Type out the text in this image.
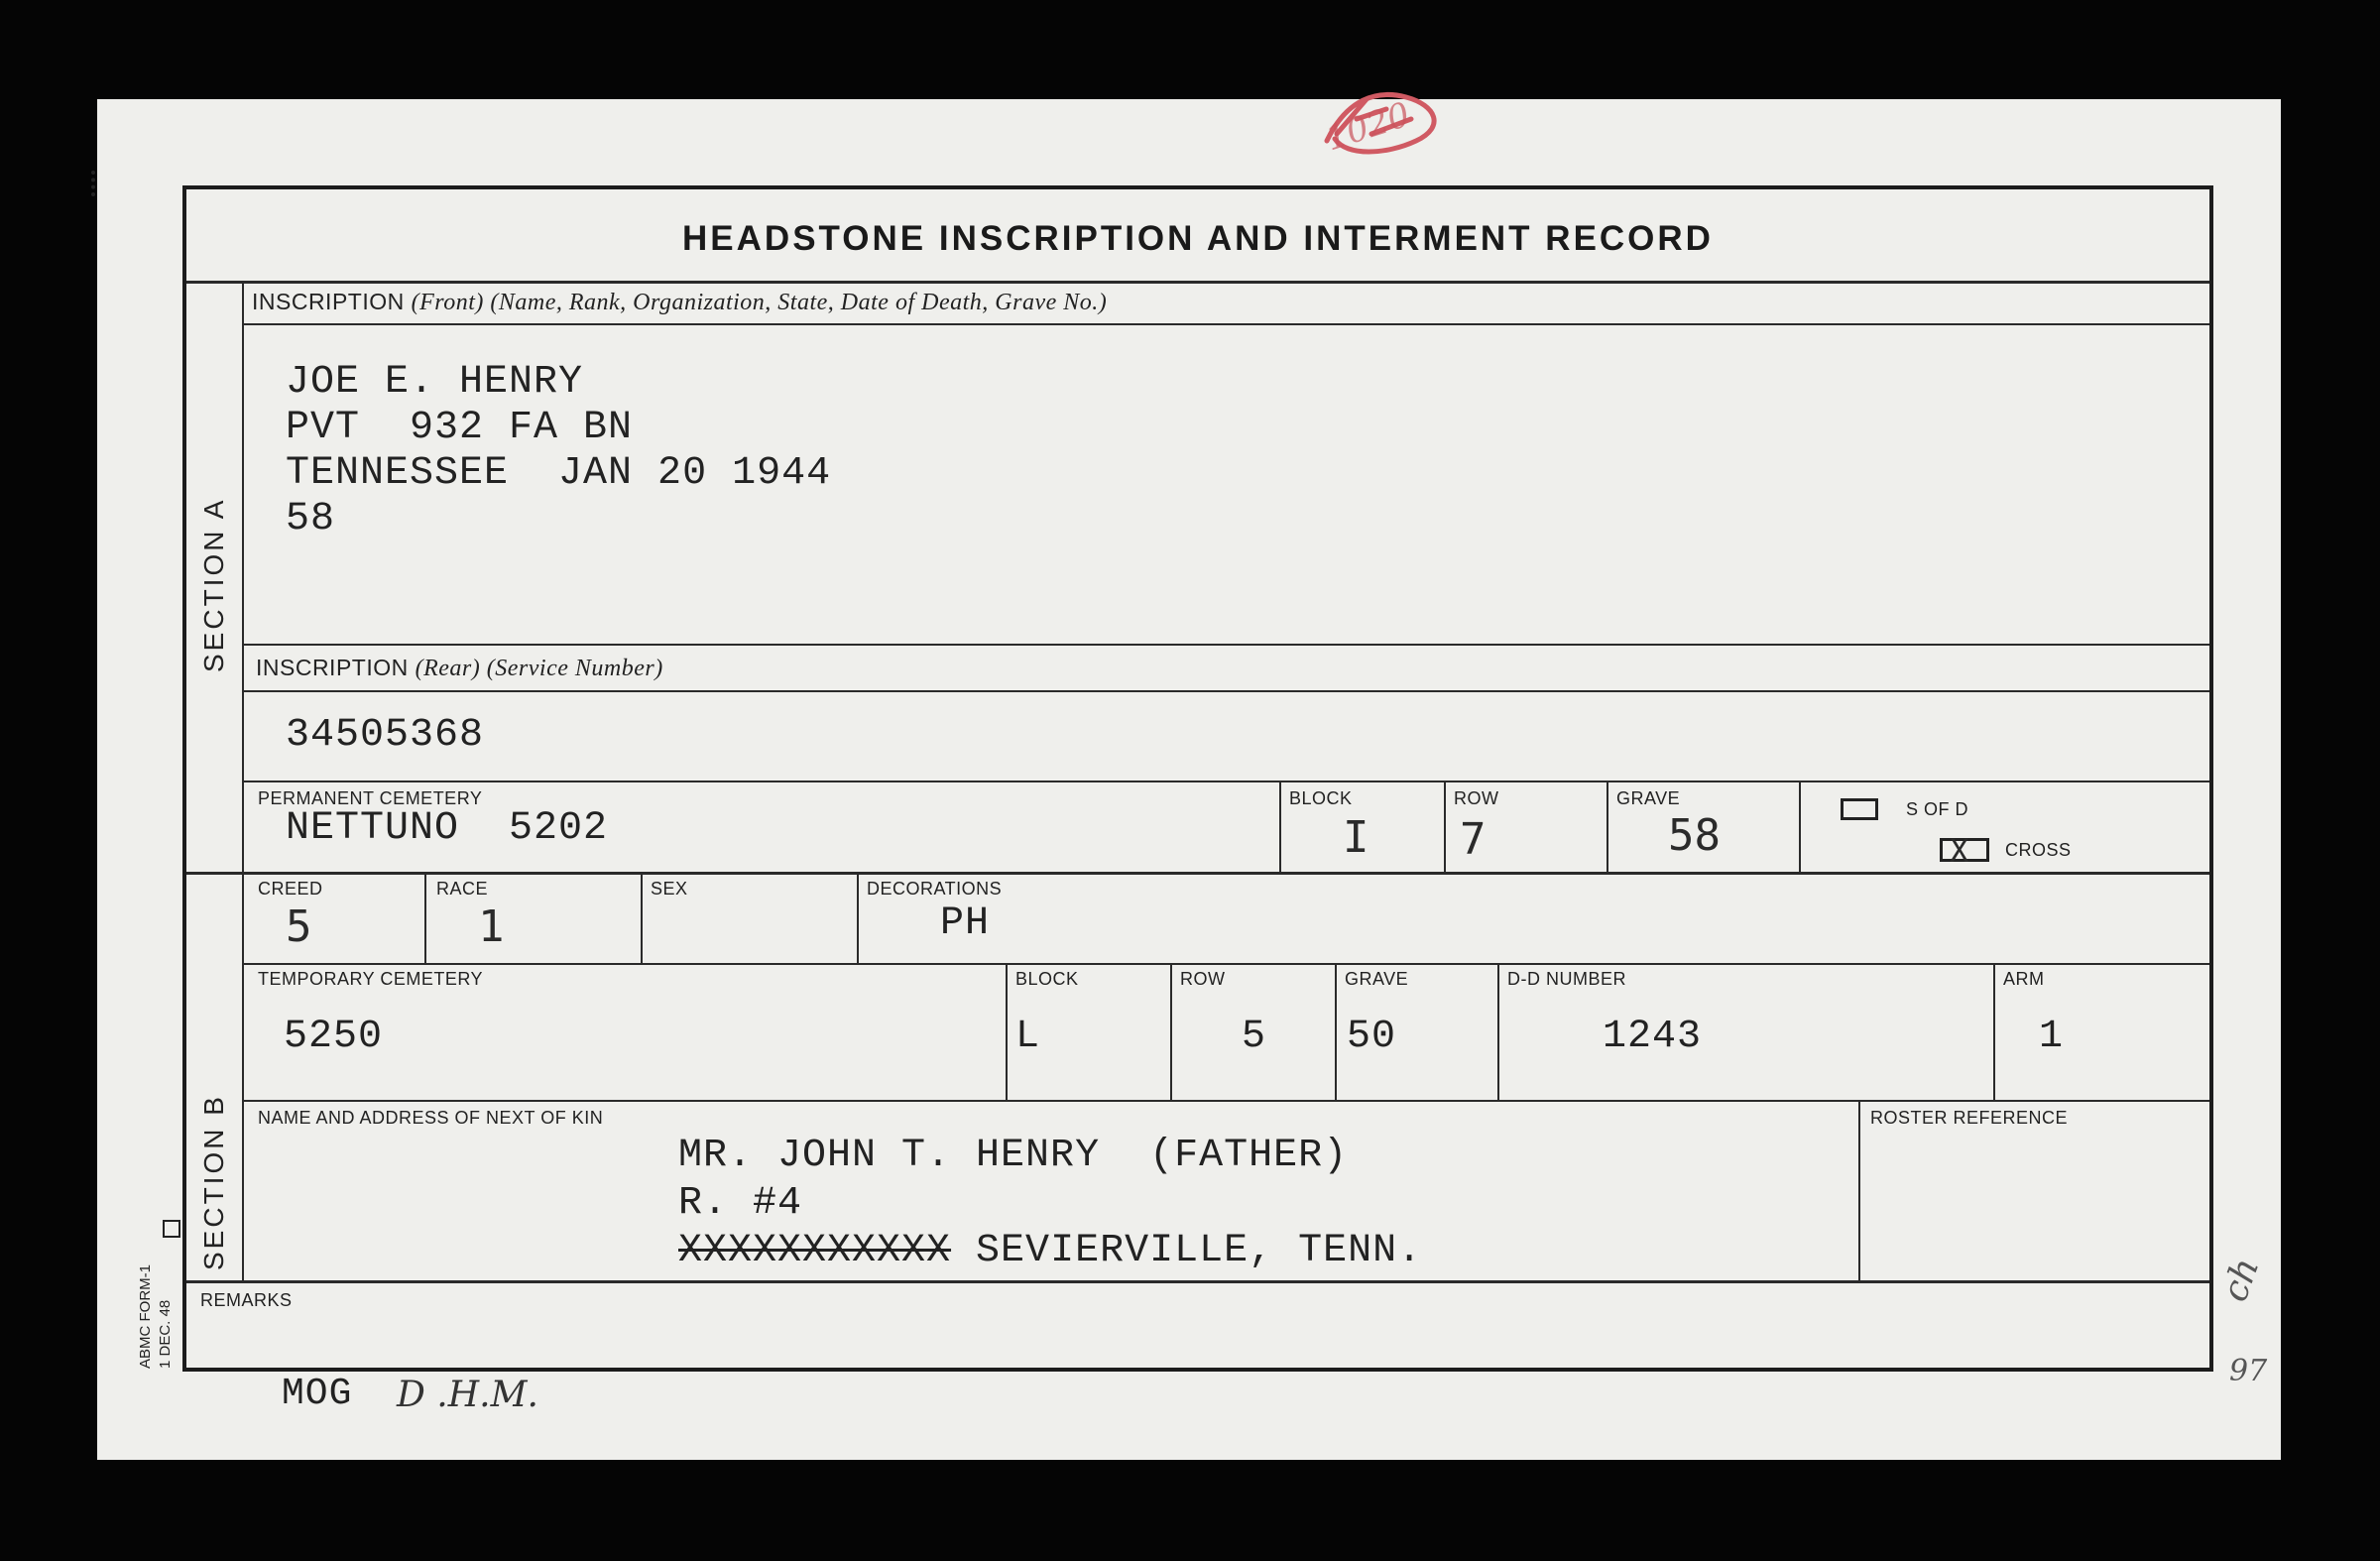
1020
ch
97
ABMC FORM-1 1 DEC. 48
HEADSTONE INSCRIPTION AND INTERMENT RECORD
SECTION A
SECTION B
INSCRIPTION (Front) (Name, Rank, Organization, State, Date of Death, Grave No.)
JOE E. HENRY
PVT  932 FA BN
TENNESSEE  JAN 20 1944
58
INSCRIPTION (Rear) (Service Number)
34505368
PERMANENT CEMETERY
NETTUNO  5202
BLOCK
I
ROW
7
GRAVE
58
S OF D
X CROSS
CREED
5
RACE
1
SEX	DECORATIONS
PH
TEMPORARY CEMETERY
5250
BLOCK
L
ROW
5
GRAVE
50
D-D NUMBER
1243
ARM
1
NAME AND ADDRESS OF NEXT OF KIN
MR. JOHN T. HENRY  (FATHER)
R. #4
XXXXXXXXXXX SEVIERVILLE, TENN.
ROSTER REFERENCE
REMARKS
MOG D .H.M.
